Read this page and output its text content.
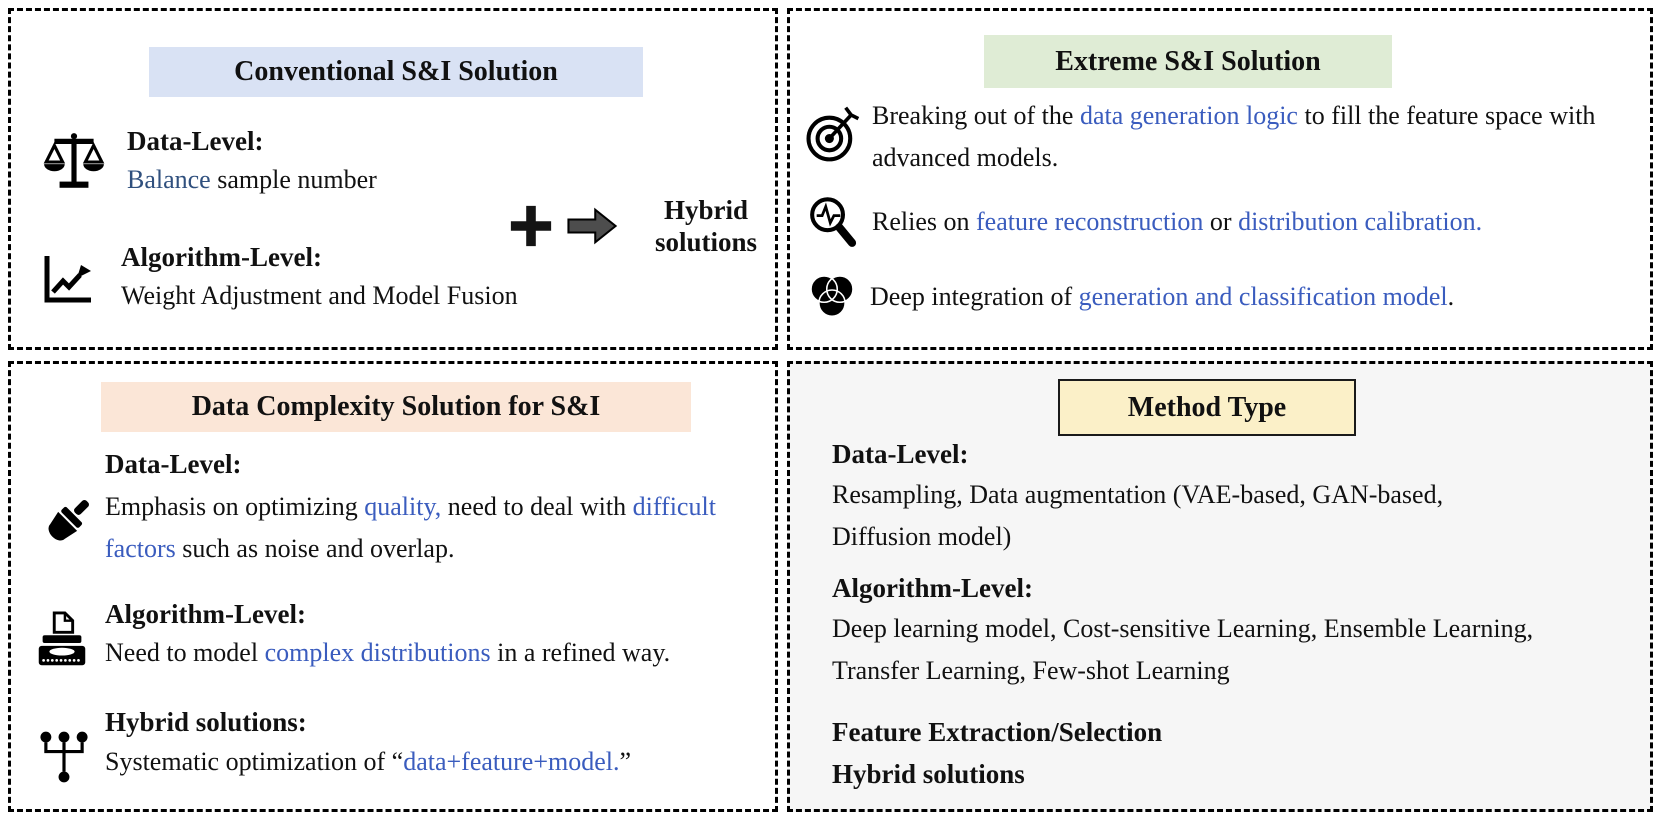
Conventional S&I Solution
Data-Level:
Balance sample number
Hybrid solutions
Algorithm-Level:
Weight Adjustment and Model Fusion
Extreme S&I Solution
Breaking out of the data generation logic to fill the feature space with advanced models.
Relies on feature reconstruction or distribution calibration.
Deep integration of generation and classification model.
Data Complexity Solution for S&I
Data-Level:
Emphasis on optimizing quality, need to deal with difficult factors such as noise and overlap.
Algorithm-Level:
Need to model complex distributions in a refined way.
Hybrid solutions:
Systematic optimization of “data+feature+model.”
Method Type
Data-Level:
Resampling, Data augmentation (VAE-based, GAN-based, Diffusion model)
Algorithm-Level:
Deep learning model, Cost-sensitive Learning, Ensemble Learning, Transfer Learning, Few-shot Learning
Feature Extraction/Selection
Hybrid solutions
